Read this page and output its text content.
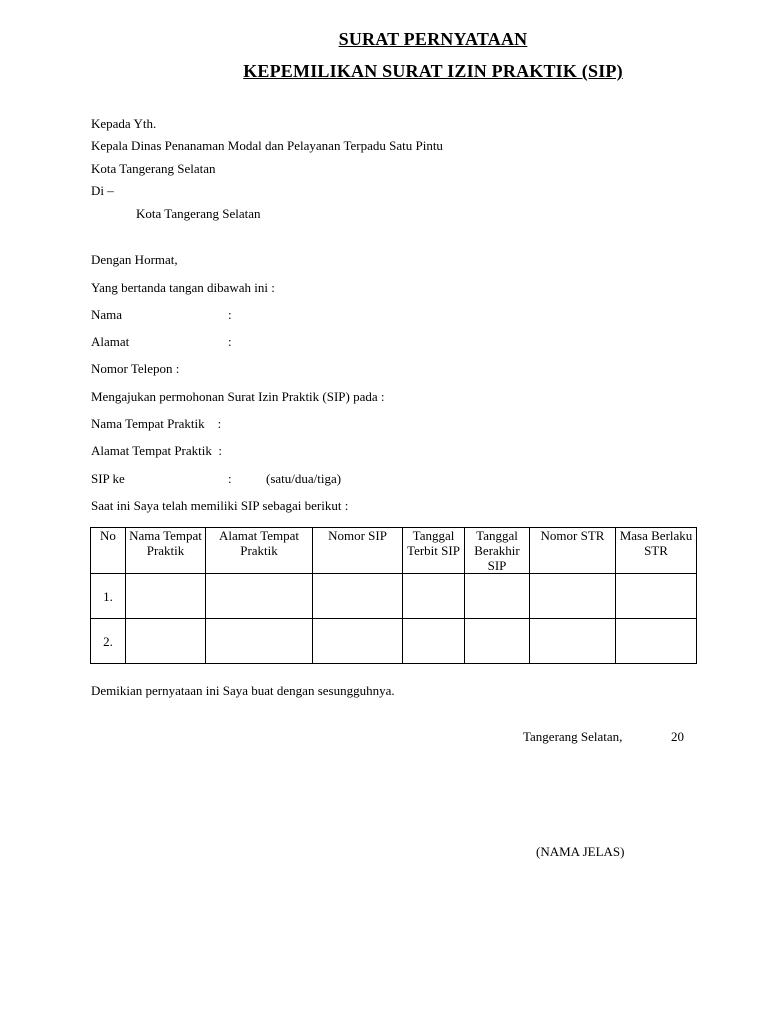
SURAT PERNYATAAN
KEPEMILIKAN SURAT IZIN PRAKTIK (SIP)

Kepada Yth.

Kepala Dinas Penanaman Modal dan Pelayanan Terpadu Satu Pintu

Kota Tangerang Selatan

Di –

Kota Tangerang Selatan

Dengan Hormat,

Yang bertanda tangan dibawah ini :

Nama	:

Alamat	:

Nomor Telepon :

Mengajukan permohonan Surat Izin Praktik (SIP) pada :

Nama Tempat Praktik :

Alamat Tempat Praktik :

SIP ke	:	(satu/dua/tiga)

Saat ini Saya telah memiliki SIP sebagai berikut :

No	Nama Tempat Praktik	Alamat Tempat Praktik	Nomor SIP	Tanggal Terbit SIP	Tanggal Berakhir SIP	Nomor STR	Masa Berlaku STR
1.							
2.							

Demikian pernyataan ini Saya buat dengan sesungguhnya.

Tangerang Selatan,	20

(NAMA JELAS)
